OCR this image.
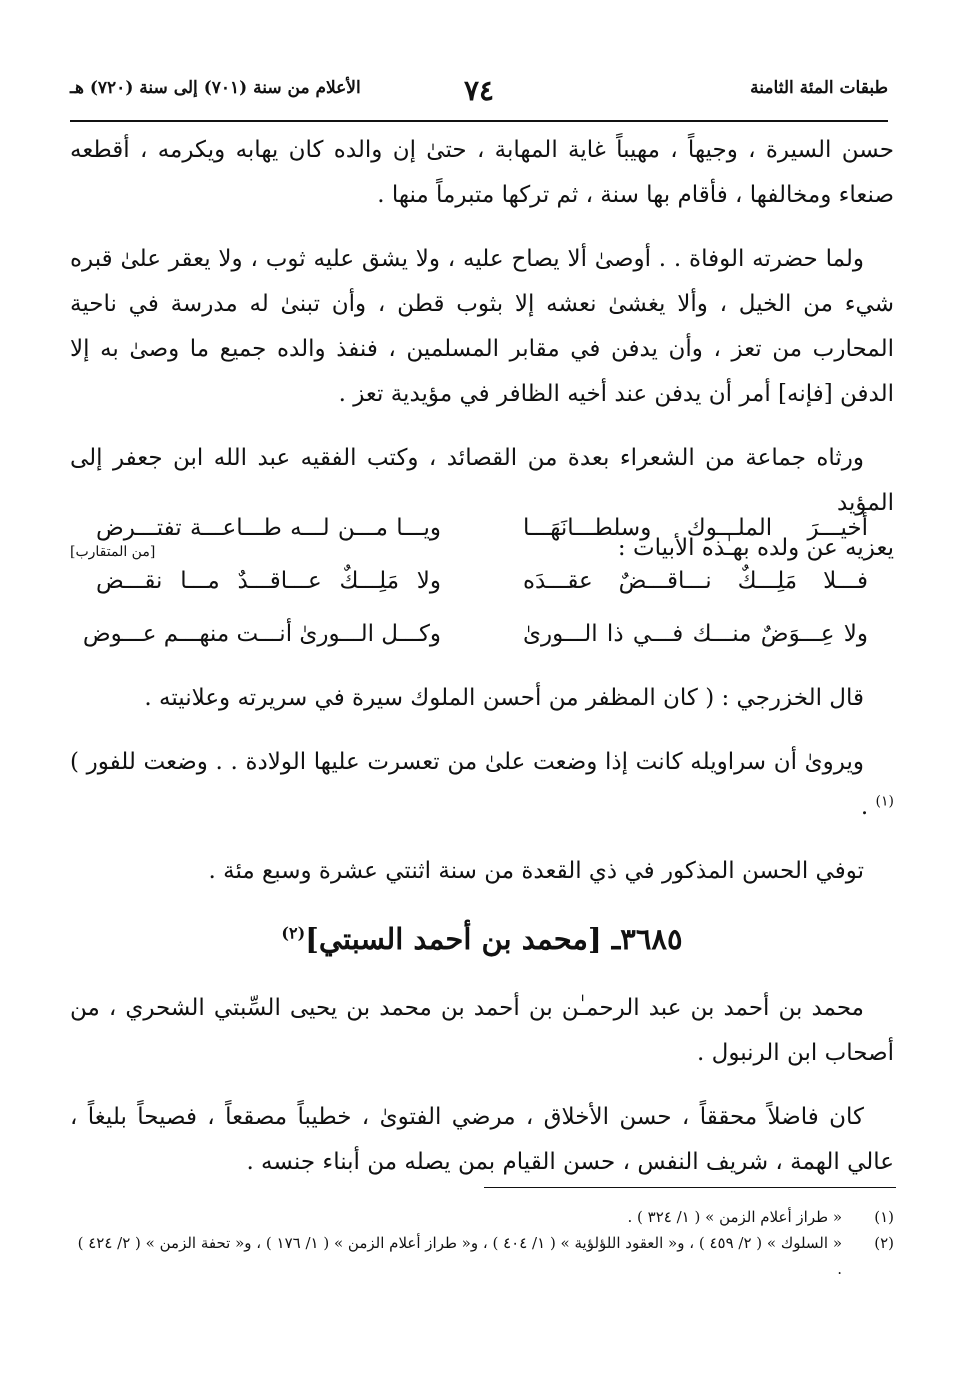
طبقات المئة الثامنة
٧٤
الأعلام من سنة (٧٠١) إلى سنة (٧٢٠) هـ

حسن السيرة ، وجيهاً ، مهيباً غاية المهابة ، حتىٰ إن والده كان يهابه ويكرمه ، أقطعه صنعاء ومخالفها ، فأقام بها سنة ، ثم تركها متبرماً منها .

ولما حضرته الوفاة . . أوصىٰ ألا يصاح عليه ، ولا يشق عليه ثوب ، ولا يعقر علىٰ قبره شيء من الخيل ، وألا يغشىٰ نعشه إلا بثوب قطن ، وأن تبنىٰ له مدرسة في ناحية المحارب من تعز ، وأن يدفن في مقابر المسلمين ، فنفذ والده جميع ما وصىٰ به إلا الدفن [فإنه] أمر أن يدفن عند أخيه الظافر في مؤيدية تعز .

ورثاه جماعة من الشعراء بعدة من القصائد ، وكتب الفقيه عبد الله ابن جعفر إلى المؤيد
يعزيه عن ولده بهـٰذه الأبيات :
[من المتقارب]
أخيـــرَ الملـــوك وسلطـــانَهَـــا
ويـــا مـــن لـــه طـــاعـــة تفتـــرض
فـــلا مَلِـــكٌ نـــاقـــضٌ عقـــدَه
ولا مَلِـــكٌ عـــاقـــدٌ مـــا نقـــض
ولا عِـــوَضٌ منـــك فـــي ذا الـــورىٰ
وكـــل الـــورىٰ أنـــت منهـــم عـــوض

قال الخزرجي : ( كان المظفر من أحسن الملوك سيرة في سريرته وعلانيته .

ويروىٰ أن سراويله كانت إذا وضعت علىٰ من تعسرت عليها الولادة . . وضعت للفور )$^{(١)}$ .

توفي الحسن المذكور في ذي القعدة من سنة اثنتي عشرة وسبع مئة .

٣٦٨٥ـ [محمد بن أحمد السبتي]$^{(٢)}$

محمد بن أحمد بن عبد الرحمـٰن بن أحمد بن محمد بن يحيى السِّبتي الشحري ، من أصحاب ابن الرنبول .

كان فاضلاً محققاً ، حسن الأخلاق ، مرضي الفتوىٰ ، خطيباً مصقعاً ، فصيحاً بليغاً ، عالي الهمة ، شريف النفس ، حسن القيام بمن يصله من أبناء جنسه .

(١)
« طراز أعلام الزمن » ( ١/ ٣٢٤ ) .
(٢)
« السلوك » ( ٢/ ٤٥٩ ) ، و« العقود اللؤلؤية » ( ١/ ٤٠٤ ) ، و« طراز أعلام الزمن » ( ١/ ١٧٦ ) ، و« تحفة الزمن » ( ٢/ ٤٢٤ ) .
